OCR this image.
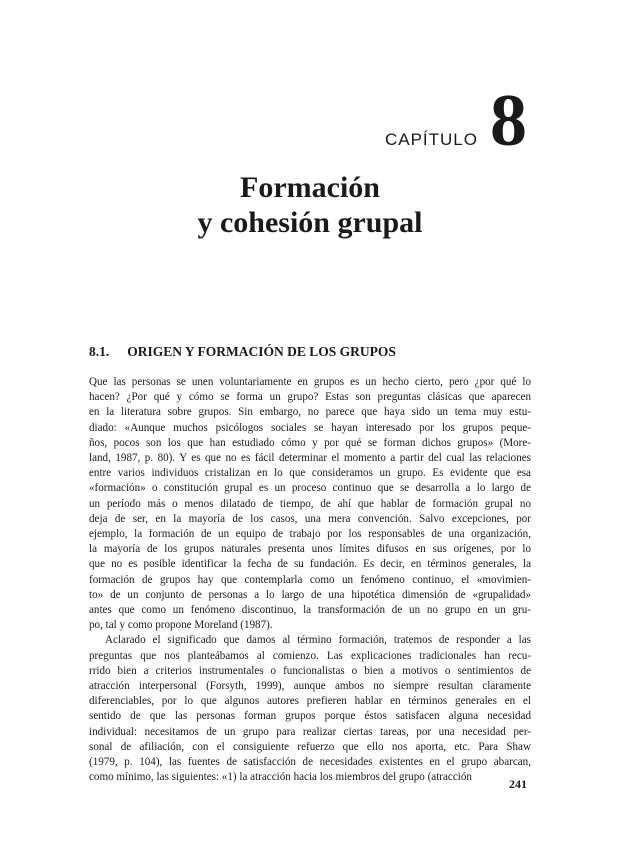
CAPÍTULO 8
Formación
y cohesión grupal
8.1. ORIGEN Y FORMACIÓN DE LOS GRUPOS
Que las personas se unen voluntariamente en grupos es un hecho cierto, pero ¿por qué lo
hacen? ¿Por qué y cómo se forma un grupo? Estas son preguntas clásicas que aparecen
en la literatura sobre grupos. Sin embargo, no parece que haya sido un tema muy estu-
diado: «Aunque muchos psicólogos sociales se hayan interesado por los grupos peque-
ños, pocos son los que han estudiado cómo y por qué se forman dichos grupos» (More-
land, 1987, p. 80). Y es que no es fácil determinar el momento a partir del cual las relaciones
entre varios individuos cristalizan en lo que consideramos un grupo. Es evidente que esa
«formación» o constitución grupal es un proceso continuo que se desarrolla a lo largo de
un período más o menos dilatado de tiempo, de ahí que hablar de formación grupal no
deja de ser, en la mayoría de los casos, una mera convención. Salvo excepciones, por
ejemplo, la formación de un equipo de trabajo por los responsables de una organización,
la mayoría de los grupos naturales presenta unos límites difusos en sus orígenes, por lo
que no es posible identificar la fecha de su fundación. Es decir, en términos generales, la
formación de grupos hay que contemplarla como un fenómeno continuo, el «movimien-
to» de un conjunto de personas a lo largo de una hipotética dimensión de «grupalidad»
antes que como un fenómeno discontinuo, la transformación de un no grupo en un gru-
po, tal y como propone Moreland (1987).
Aclarado el significado que damos al término formación, tratemos de responder a las
preguntas que nos planteábamos al comienzo. Las explicaciones tradicionales han recu-
rrido bien a criterios instrumentales o funcionalistas o bien a motivos o sentimientos de
atracción interpersonal (Forsyth, 1999), aunque ambos no siempre resultan claramente
diferenciables, por lo que algunos autores prefieren hablar en términos generales en el
sentido de que las personas forman grupos porque éstos satisfacen alguna necesidad
individual: necesitamos de un grupo para realizar ciertas tareas, por una necesidad per-
sonal de afiliación, con el consiguiente refuerzo que ello nos aporta, etc. Para Shaw
(1979, p. 104), las fuentes de satisfacción de necesidades existentes en el grupo abarcan,
como mínimo, las siguientes: «1) la atracción hacia los miembros del grupo (atracción	241
